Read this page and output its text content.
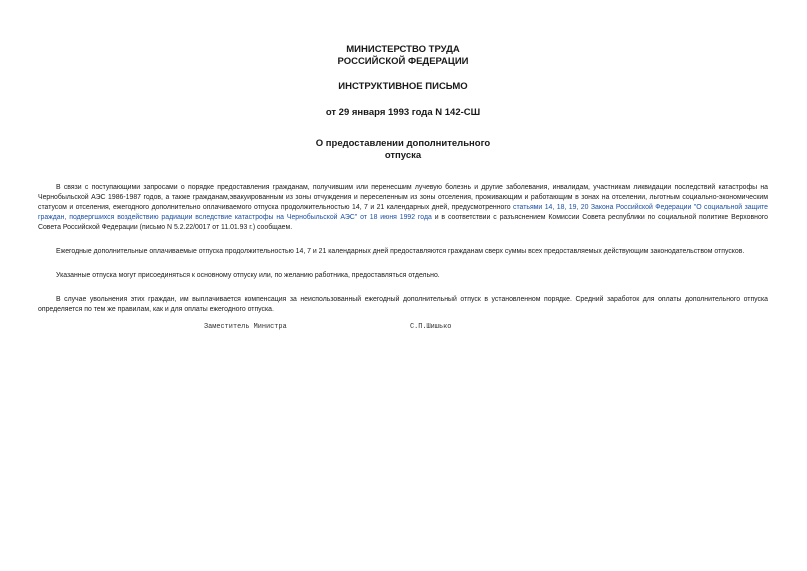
МИНИСТЕРСТВО ТРУДА
РОССИЙСКОЙ ФЕДЕРАЦИИ
ИНСТРУКТИВНОЕ ПИСЬМО
от 29 января 1993 года N 142-СШ
О предоставлении дополнительного
отпуска

В связи с поступающими запросами о порядке предоставления гражданам, получившим или перенесшим лучевую болезнь и другие заболевания, инвалидам, участникам ликвидации последствий катастрофы на Чернобыльской АЭС 1986-1987 годов, а также гражданам,эвакуированным из зоны отчуждения и переселенным из зоны отселения, проживающим и работающим в зонах на отселении, льготным социально-экономическим статусом и отселения, ежегодного дополнительно оплачиваемого отпуска продолжительностью 14, 7 и 21 календарных дней, предусмотренного статьями 14, 18, 19, 20 Закона Российской Федерации "О социальной защите граждан, подвергшихся воздействию радиации вследствие катастрофы на Чернобыльской АЭС" от 18 июня 1992 года и в соответствии с разъяснением Комиссии Совета республики по социальной политике Верховного Совета Российской Федерации (письмо N 5.2.22/0017 от 11.01.93 г.) сообщаем.

Ежегодные дополнительные оплачиваемые отпуска продолжительностью 14, 7 и 21 календарных дней предоставляются гражданам сверх суммы всех предоставляемых действующим законодательством отпусков.

Указанные отпуска могут присоединяться к основному отпуску или, по желанию работника, предоставляться отдельно.

В случае увольнения этих граждан, им выплачивается компенсация за неиспользованный ежегодный дополнительный отпуск в установленном порядке. Средний заработок для оплаты дополнительного отпуска определяется по тем же правилам, как и для оплаты ежегодного отпуска.

Заместитель Министра	С.П.Шишько
